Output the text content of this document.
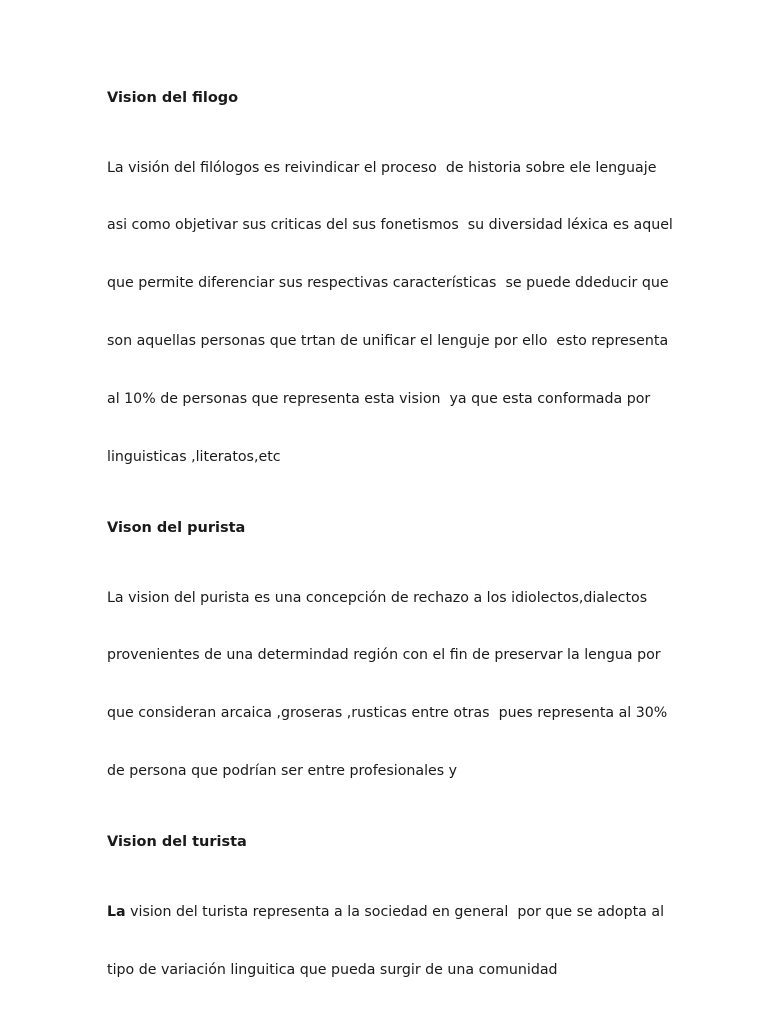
Vision del filogo

La visión del filólogos es reivindicar el proceso  de historia sobre ele lenguaje

asi como objetivar sus criticas del sus fonetismos  su diversidad léxica es aquel

que permite diferenciar sus respectivas características  se puede ddeducir que

son aquellas personas que trtan de unificar el lenguje por ello  esto representa

al 10% de personas que representa esta vision  ya que esta conformada por

linguisticas ,literatos,etc

Vison del purista

La vision del purista es una concepción de rechazo a los idiolectos,dialectos

provenientes de una determindad región con el fin de preservar la lengua por

que consideran arcaica ,groseras ,rusticas entre otras  pues representa al 30%

de persona que podrían ser entre profesionales y

Vision del turista

La vision del turista representa a la sociedad en general  por que se adopta al

tipo de variación linguitica que pueda surgir de una comunidad
